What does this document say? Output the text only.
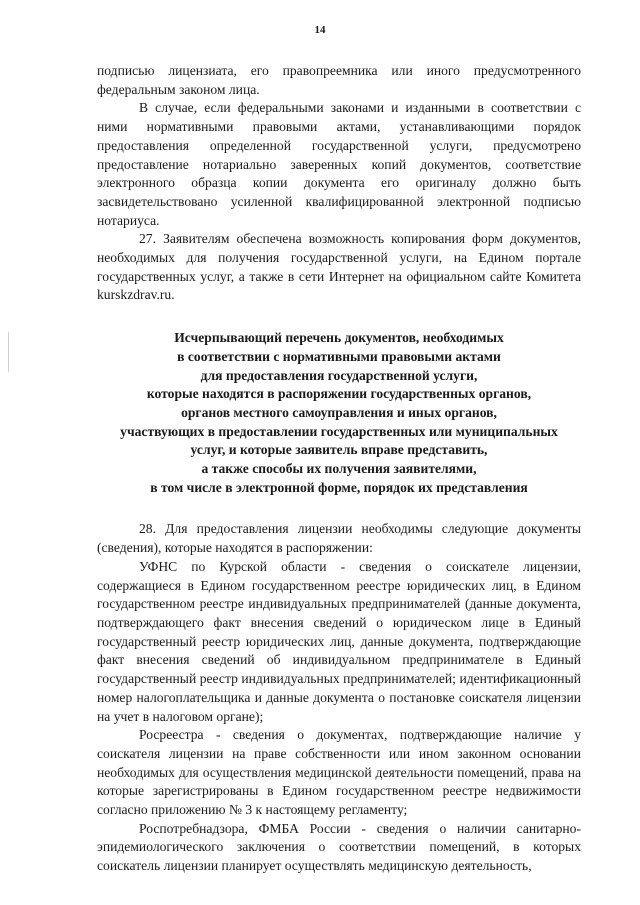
14

подписью лицензиата, его правопреемника или иного предусмотренного федеральным законом лица.

В случае, если федеральными законами и изданными в соответствии с ними нормативными правовыми актами, устанавливающими порядок предоставления определенной государственной услуги, предусмотрено предоставление нотариально заверенных копий документов, соответствие электронного образца копии документа его оригиналу должно быть засвидетельствовано усиленной квалифицированной электронной подписью нотариуса.

27. Заявителям обеспечена возможность копирования форм документов, необходимых для получения государственной услуги, на Едином портале государственных услуг, а также в сети Интернет на официальном сайте Комитета kurskzdrav.ru.

Исчерпывающий перечень документов, необходимых
в соответствии с нормативными правовыми актами
для предоставления государственной услуги,
которые находятся в распоряжении государственных органов,
органов местного самоуправления и иных органов,
участвующих в предоставлении государственных или муниципальных
услуг, и которые заявитель вправе представить,
а также способы их получения заявителями,
в том числе в электронной форме, порядок их представления

28. Для предоставления лицензии необходимы следующие документы (сведения), которые находятся в распоряжении:

УФНС по Курской области - сведения о соискателе лицензии, содержащиеся в Едином государственном реестре юридических лиц, в Едином государственном реестре индивидуальных предпринимателей (данные документа, подтверждающего факт внесения сведений о юридическом лице в Единый государственный реестр юридических лиц, данные документа, подтверждающие факт внесения сведений об индивидуальном предпринимателе в Единый государственный реестр индивидуальных предпринимателей; идентификационный номер налогоплательщика и данные документа о постановке соискателя лицензии на учет в налоговом органе);

Росреестра - сведения о документах, подтверждающие наличие у соискателя лицензии на праве собственности или ином законном основании необходимых для осуществления медицинской деятельности помещений, права на которые зарегистрированы в Едином государственном реестре недвижимости согласно приложению № 3 к настоящему регламенту;

Роспотребнадзора, ФМБА России - сведения о наличии санитарно-эпидемиологического заключения о соответствии помещений, в которых соискатель лицензии планирует осуществлять медицинскую деятельность,
